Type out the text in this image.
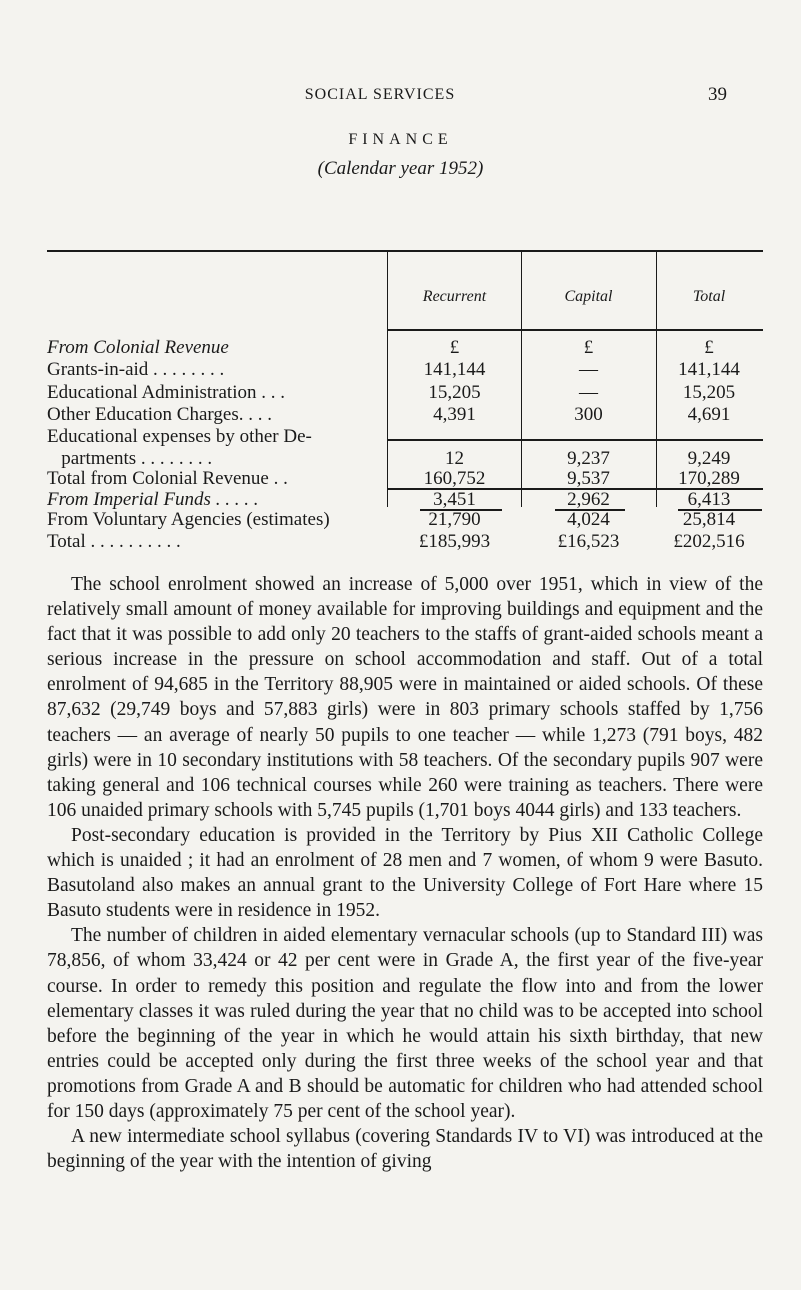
SOCIAL SERVICES	39
FINANCE
(Calendar year 1952)
Recurrent	Capital	Total
From Colonial Revenue	£	£	£
Grants-in-aid . . . . . . . .	141,144	—	141,144
Educational Administration . . .	15,205	—	15,205
Other Education Charges. . . .	4,391	300	4,691
Educational expenses by other De-
partments . . . . . . . .	12	9,237	9,249
Total from Colonial Revenue . .	160,752	9,537	170,289
From Imperial Funds . . . . .	3,451	2,962	6,413
From Voluntary Agencies (estimates)	21,790	4,024	25,814
Total . . . . . . . . . .	£185,993	£16,523	£202,516

The school enrolment showed an increase of 5,000 over 1951, which in view of the relatively small amount of money available for improving buildings and equipment and the fact that it was possible to add only 20 teachers to the staffs of grant-aided schools meant a serious increase in the pressure on school accommodation and staff. Out of a total enrolment of 94,685 in the Territory 88,905 were in maintained or aided schools. Of these 87,632 (29,749 boys and 57,883 girls) were in 803 primary schools staffed by 1,756 teachers — an average of nearly 50 pupils to one teacher — while 1,273 (791 boys, 482 girls) were in 10 secondary institutions with 58 teachers. Of the secondary pupils 907 were taking general and 106 technical courses while 260 were training as teachers. There were 106 unaided primary schools with 5,745 pupils (1,701 boys 4044 girls) and 133 teachers.

Post-secondary education is provided in the Territory by Pius XII Catholic College which is unaided ; it had an enrolment of 28 men and 7 women, of whom 9 were Basuto. Basutoland also makes an annual grant to the University College of Fort Hare where 15 Basuto students were in residence in 1952.

The number of children in aided elementary vernacular schools (up to Standard III) was 78,856, of whom 33,424 or 42 per cent were in Grade A, the first year of the five-year course. In order to remedy this position and regulate the flow into and from the lower elementary classes it was ruled during the year that no child was to be accepted into school before the beginning of the year in which he would attain his sixth birthday, that new entries could be accepted only during the first three weeks of the school year and that promotions from Grade A and B should be automatic for children who had attended school for 150 days (approximately 75 per cent of the school year).

A new intermediate school syllabus (covering Standards IV to VI) was introduced at the beginning of the year with the intention of giving
